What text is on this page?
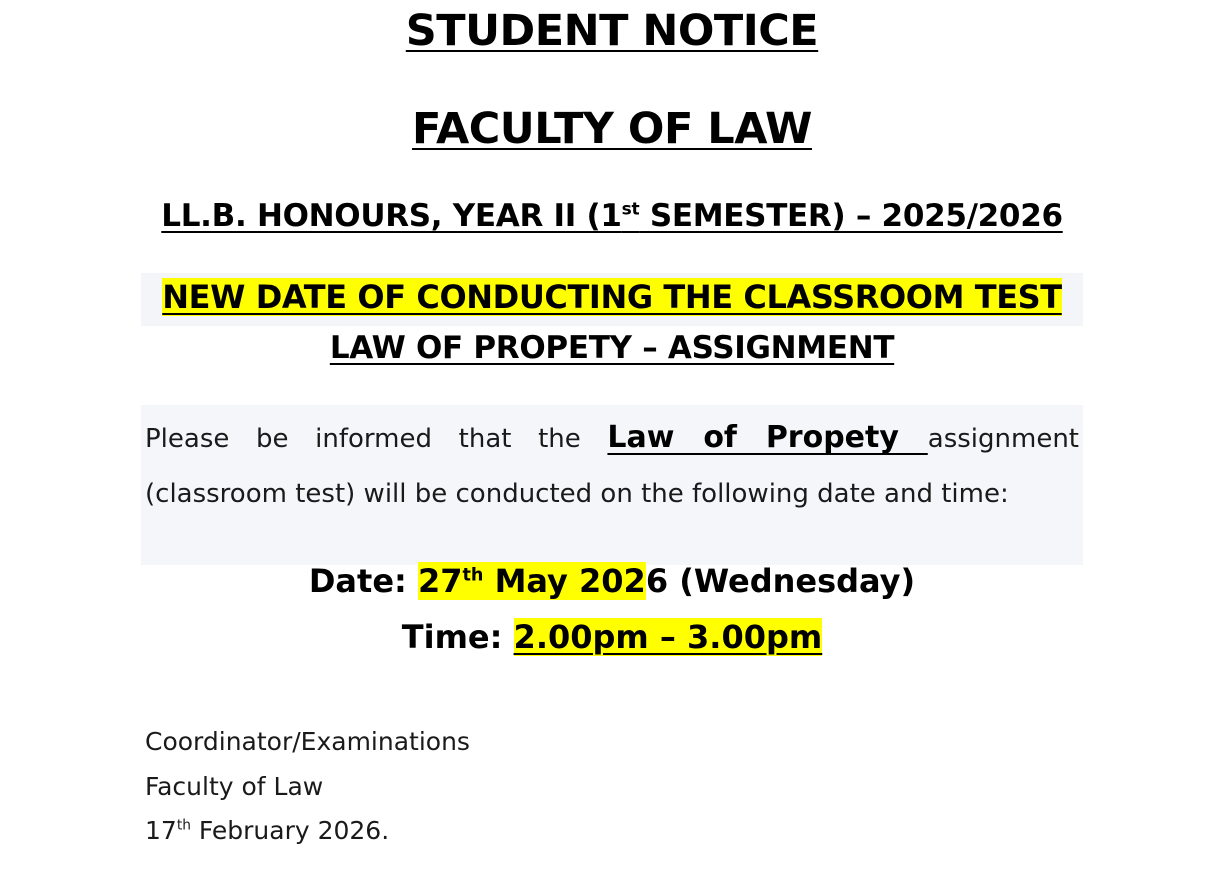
STUDENT NOTICE
FACULTY OF LAW
LL.B. HONOURS, YEAR II (1st SEMESTER) – 2025/2026
NEW DATE OF CONDUCTING THE CLASSROOM TEST
LAW OF PROPETY – ASSIGNMENT
Please be informed that the Law of Propety assignment (classroom test) will be conducted on the following date and time:
Date: 27th May 2026 (Wednesday)
Time: 2.00pm – 3.00pm
Coordinator/Examinations
Faculty of Law
17th February 2026.
